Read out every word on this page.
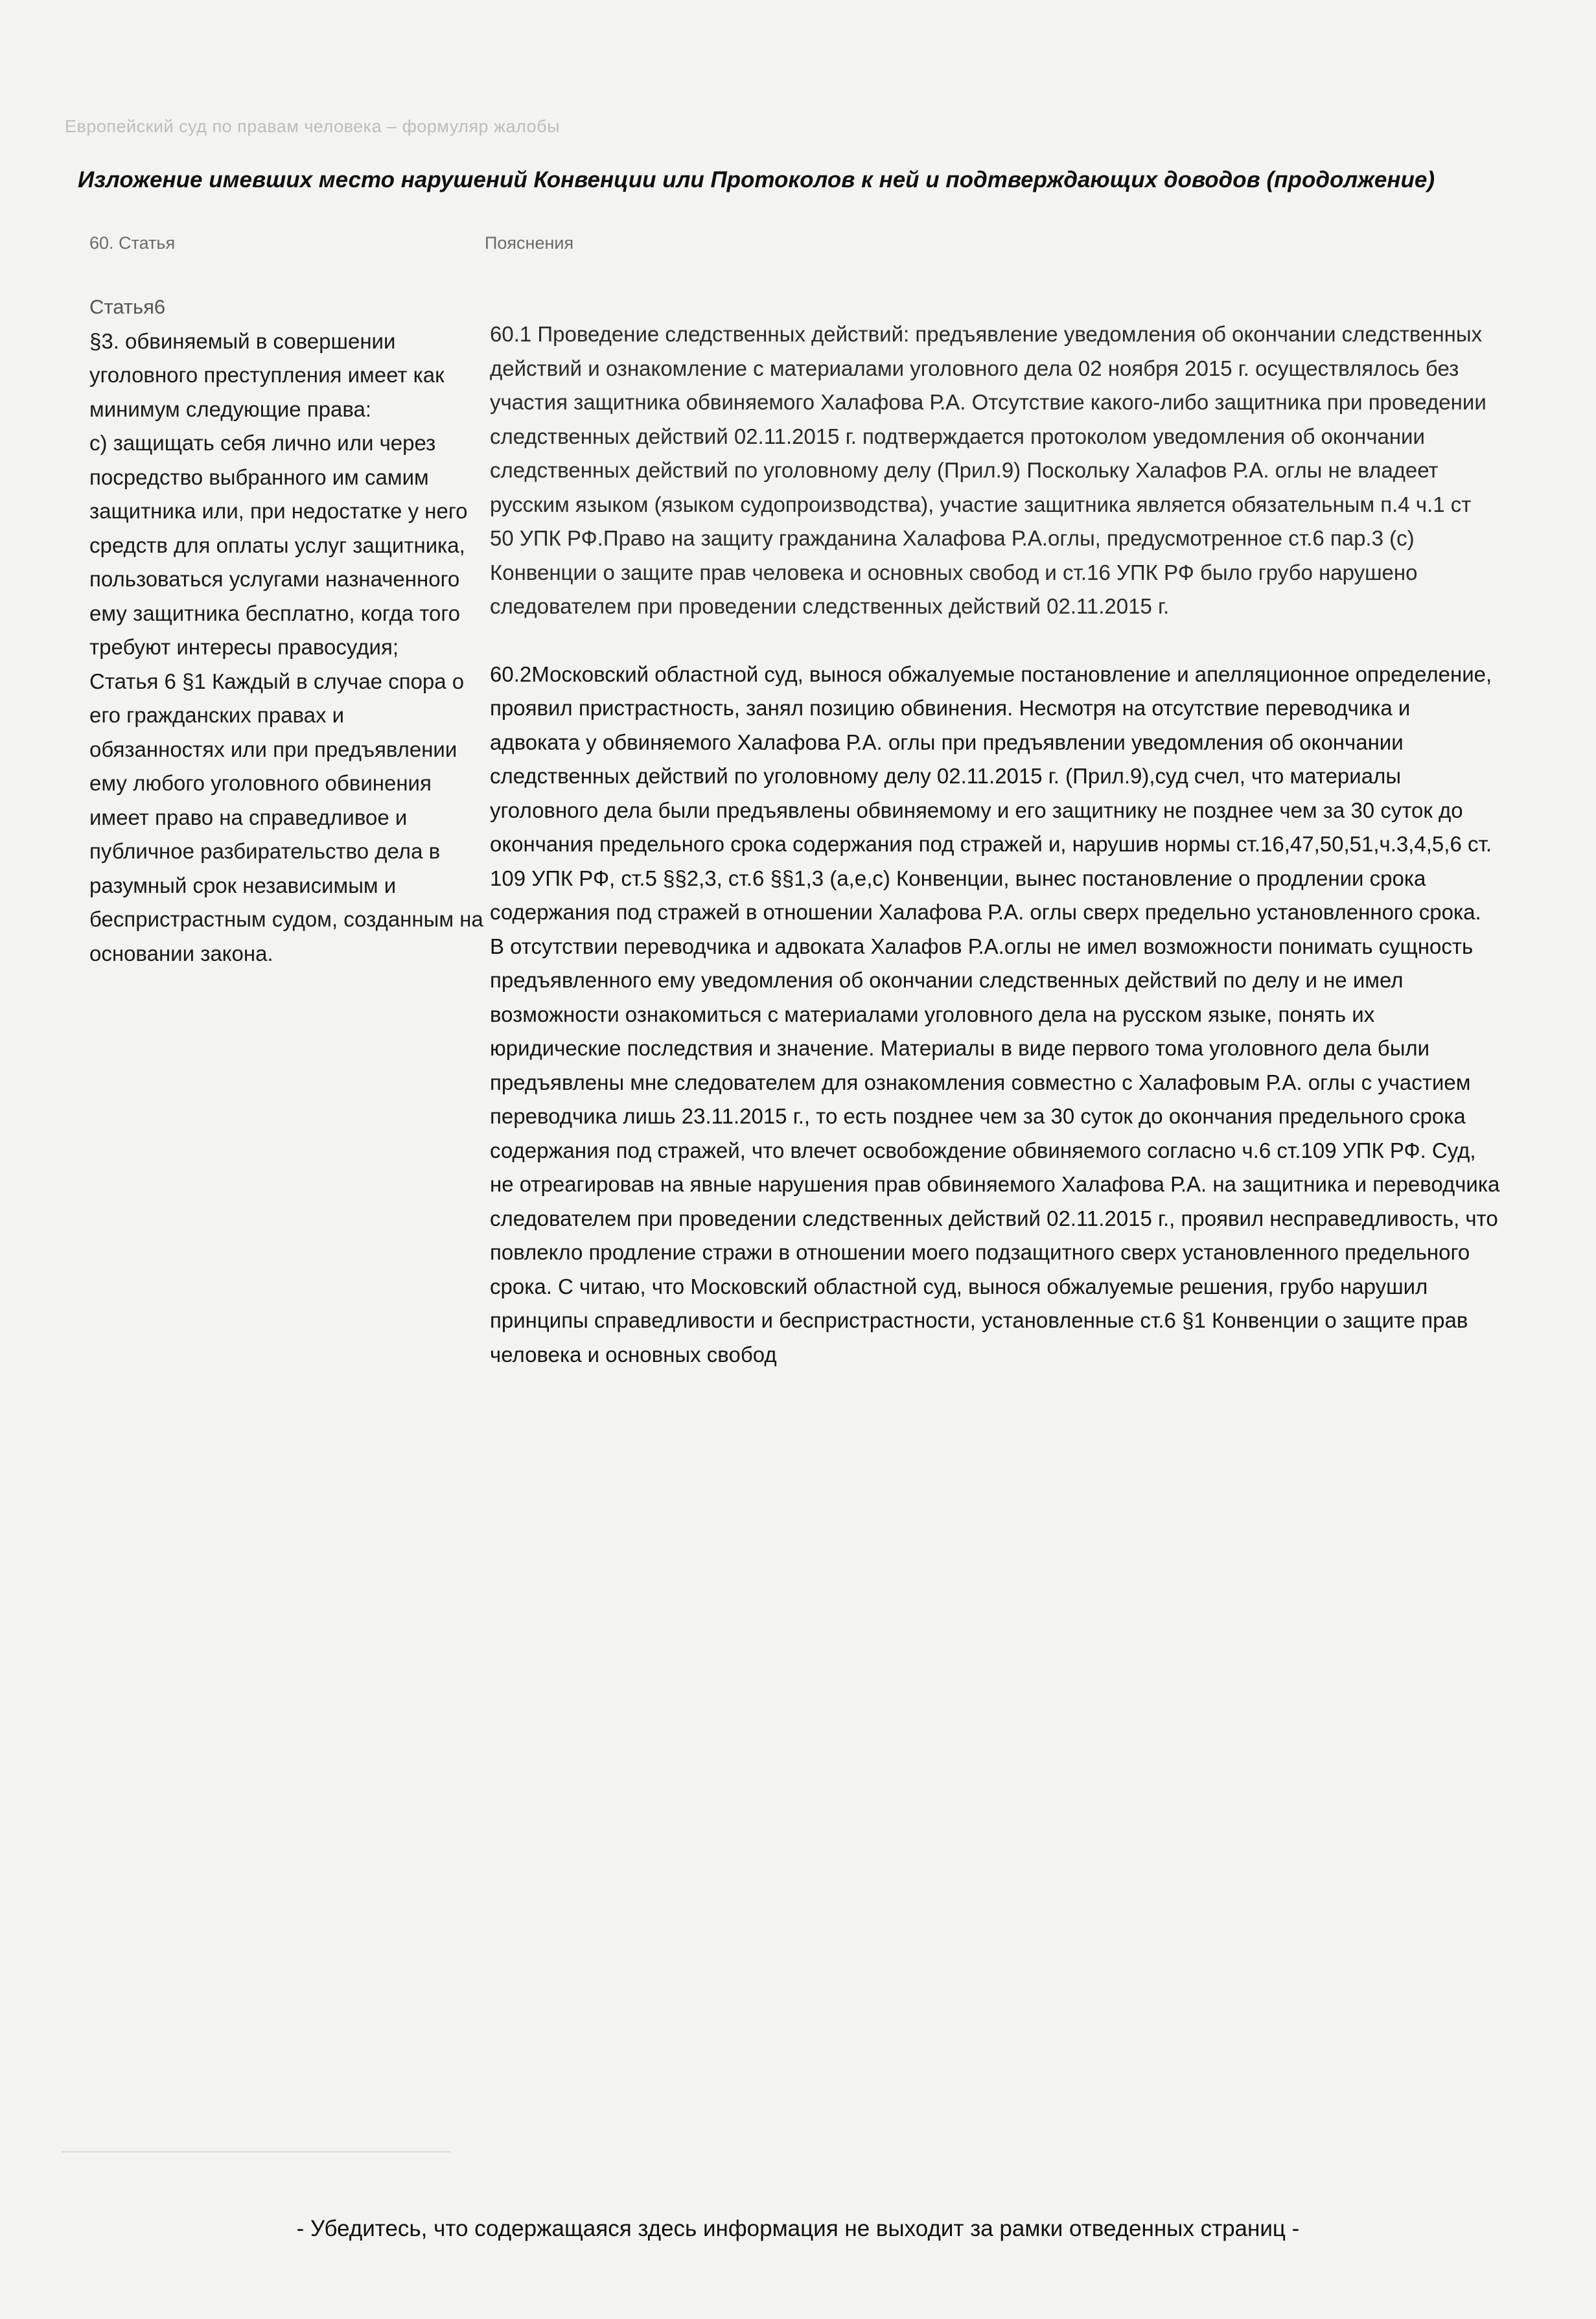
Европейский суд по правам человека – формуляр жалобы
Изложение имевших место нарушений Конвенции или Протоколов к ней и подтверждающих доводов (продолжение)
60. Статья	Пояснения
Статья6

§3. обвиняемый в совершении уголовного преступления имеет как минимум следующие права:

c) защищать себя лично или через посредство выбранного им самим защитника или, при недостатке у него средств для оплаты услуг защитника, пользоваться услугами назначенного ему защитника бесплатно, когда того требуют интересы правосудия;

Статья 6 §1 Каждый в случае спора о его гражданских правах и обязанностях или при предъявлении ему любого уголовного обвинения имеет право на справедливое и публичное разбирательство дела в разумный срок независимым и беспристрастным судом, созданным на основании закона.

60.1 Проведение следственных действий: предъявление уведомления об окончании следственных действий и ознакомление с материалами уголовного дела 02 ноября 2015 г. осуществлялось без участия защитника обвиняемого Халафова Р.А. Отсутствие какого-либо защитника при проведении следственных действий 02.11.2015 г. подтверждается протоколом уведомления об окончании следственных действий по уголовному делу (Прил.9) Поскольку Халафов Р.А. оглы не владеет русским языком (языком судопроизводства), участие защитника является обязательным п.4 ч.1 ст 50 УПК РФ.Право на защиту гражданина Халафова Р.А.оглы, предусмотренное ст.6 пар.3 (с) Конвенции о защите прав человека и основных свобод и ст.16 УПК РФ было грубо нарушено следователем при проведении следственных действий 02.11.2015 г.

60.2Московский областной суд, вынося обжалуемые постановление и апелляционное определение, проявил пристрастность, занял позицию обвинения. Несмотря на отсутствие переводчика и адвоката у обвиняемого Халафова Р.А. оглы при предъявлении уведомления об окончании следственных действий по уголовному делу 02.11.2015 г. (Прил.9),суд счел, что материалы уголовного дела были предъявлены обвиняемому и его защитнику не позднее чем за 30 суток до окончания предельного срока содержания под стражей и, нарушив нормы ст.16,47,50,51,ч.3,4,5,6 ст. 109 УПК РФ, ст.5 §§2,3, ст.6 §§1,3 (а,е,с) Конвенции, вынес постановление о продлении срока содержания под стражей в отношении Халафова Р.А. оглы сверх предельно установленного срока. В отсутствии переводчика и адвоката Халафов Р.А.оглы не имел возможности понимать сущность предъявленного ему уведомления об окончании следственных действий по делу и не имел возможности ознакомиться с материалами уголовного дела на русском языке, понять их юридические последствия и значение. Материалы в виде первого тома уголовного дела были предъявлены мне следователем для ознакомления совместно с Халафовым Р.А. оглы с участием переводчика лишь 23.11.2015 г., то есть позднее чем за 30 суток до окончания предельного срока содержания под стражей, что влечет освобождение обвиняемого согласно ч.6 ст.109 УПК РФ. Суд, не отреагировав на явные нарушения прав обвиняемого Халафова Р.А. на защитника и переводчика следователем при проведении следственных действий 02.11.2015 г., проявил несправедливость, что повлекло продление стражи в отношении моего подзащитного сверх установленного предельного срока. С читаю, что Московский областной суд, вынося обжалуемые решения, грубо нарушил принципы справедливости и беспристрастности, установленные ст.6 §1 Конвенции о защите прав человека и основных свобод

- Убедитесь, что содержащаяся здесь информация не выходит за рамки отведенных страниц -
